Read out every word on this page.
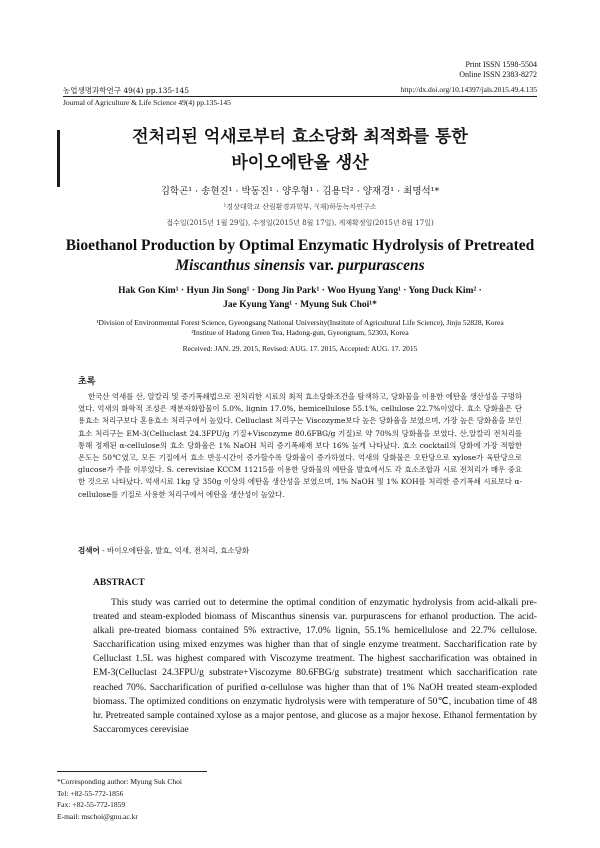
Print ISSN 1598-5504
Online ISSN 2383-8272
농업생명과학연구 49(4) pp.135-145	http://dx.doi.org/10.14397/jals.2015.49.4.135
Journal of Agriculture & Life Science 49(4) pp.135-145
전처리된 억새로부터 효소당화 최적화를 통한
바이오에탄올 생산
김학곤¹ · 송현진¹ · 박동진¹ · 양우형¹ · 김용덕² · 양재경¹ · 최명석¹*
¹경상대학교 산림환경과학부, ²(재)하동녹차연구소
접수일(2015년 1월 29일), 수정일(2015년 8월 17일), 게재확정일(2015년 8월 17일)
Bioethanol Production by Optimal Enzymatic Hydrolysis of Pretreated
Miscanthus sinensis var. purpurascens
Hak Gon Kim¹ · Hyun Jin Song¹ · Dong Jin Park¹ · Woo Hyung Yang¹ · Yong Duck Kim² ·
Jae Kyung Yang¹ · Myung Suk Choi¹*
¹Division of Environmental Forest Science, Gyeongsang National University(Institute of Agricultural Life Science), Jinju 52828, Korea
²Institue of Hadong Green Tea, Hadong-gun, Gyeongnam, 52303, Korea
Received: JAN. 29. 2015, Revised: AUG. 17. 2015, Accepted: AUG. 17. 2015
초록
한국산 억새를 산, 알칼리 및 증기폭쇄법으로 전처리한 시료의 최적 효소당화조건을 탐색하고, 당화물을 이용한 에탄올 생산성을 구명하였다. 억새의 화학적 조성은 재분자화합물이 5.0%, lignin 17.0%, hemicellulose 55.1%, cellulose 22.7%이었다. 효소 당화율은 단용효소 처리구보다 혼용효소 처리구에서 높았다. Celluclast 처리구는 Viscozyme보다 높은 당화율을 보였으며, 가장 높은 당화율을 보인 효소 처리구는 EM-3(Celluclast 24.3FPU/g 기질+Viscozyme 80.6FBG/g 기질)로 약 70%의 당화율을 보였다. 산,알칼리 전처리를 통해 정제된 α-cellulose의 효소 당화율은 1% NaOH 처리 증기폭쇄재 보다 16% 높게 나타났다. 효소 cocktail의 당화에 가장 적합한 온도는 50℃였고, 모든 기질에서 효소 반응시간이 증가할수록 당화율이 증가하였다. 억새의 당화물은 오탄당으로 xylose가 육탄당으로 glucose가 주를 이루었다. S. cerevisiae KCCM 11215를 이용한 당화물의 에탄올 발효에서도 각 효소조합과 시료 전처리가 매우 중요한 것으로 나타났다. 억새시료 1kg 당 350g 이상의 에탄올 생산성을 보였으며, 1% NaOH 및 1% KOH를 처리한 증기폭쇄 시료보다 α-cellulose를 기질로 사용한 처리구에서 에탄올 생산성이 높았다.
검색어 - 바이오에탄올, 발효, 억새, 전처리, 효소당화
ABSTRACT
This study was carried out to determine the optimal condition of enzymatic hydrolysis from acid-alkali pre-treated and steam-exploded biomass of Miscanthus sinensis var. purpurascens for ethanol production. The acid-alkali pre-treated biomass contained 5% extractive, 17.0% lignin, 55.1% hemicellulose and 22.7% cellulose. Saccharification using mixed enzymes was higher than that of single enzyme treatment. Saccharification rate by Celluclast 1.5L was highest compared with Viscozyme treatment. The highest saccharification was obtained in EM-3(Celluclast 24.3FPU/g substrate+Viscozyme 80.6FBG/g substrate) treatment which saccharification rate reached 70%. Saccharification of purified α-cellulose was higher than that of 1% NaOH treated steam-exploded biomass. The optimized conditions on enzymatic hydrolysis were with temperature of 50℃, incubation time of 48 hr. Pretreated sample contained xylose as a major pentose, and glucose as a major hexose. Ethanol fermentation by Saccaromyces cerevisiae
*Corresponding author: Myung Suk Choi
Tel: +82-55-772-1856
Fax: +82-55-772-1859
E-mail: mschoi@gnu.ac.kr
